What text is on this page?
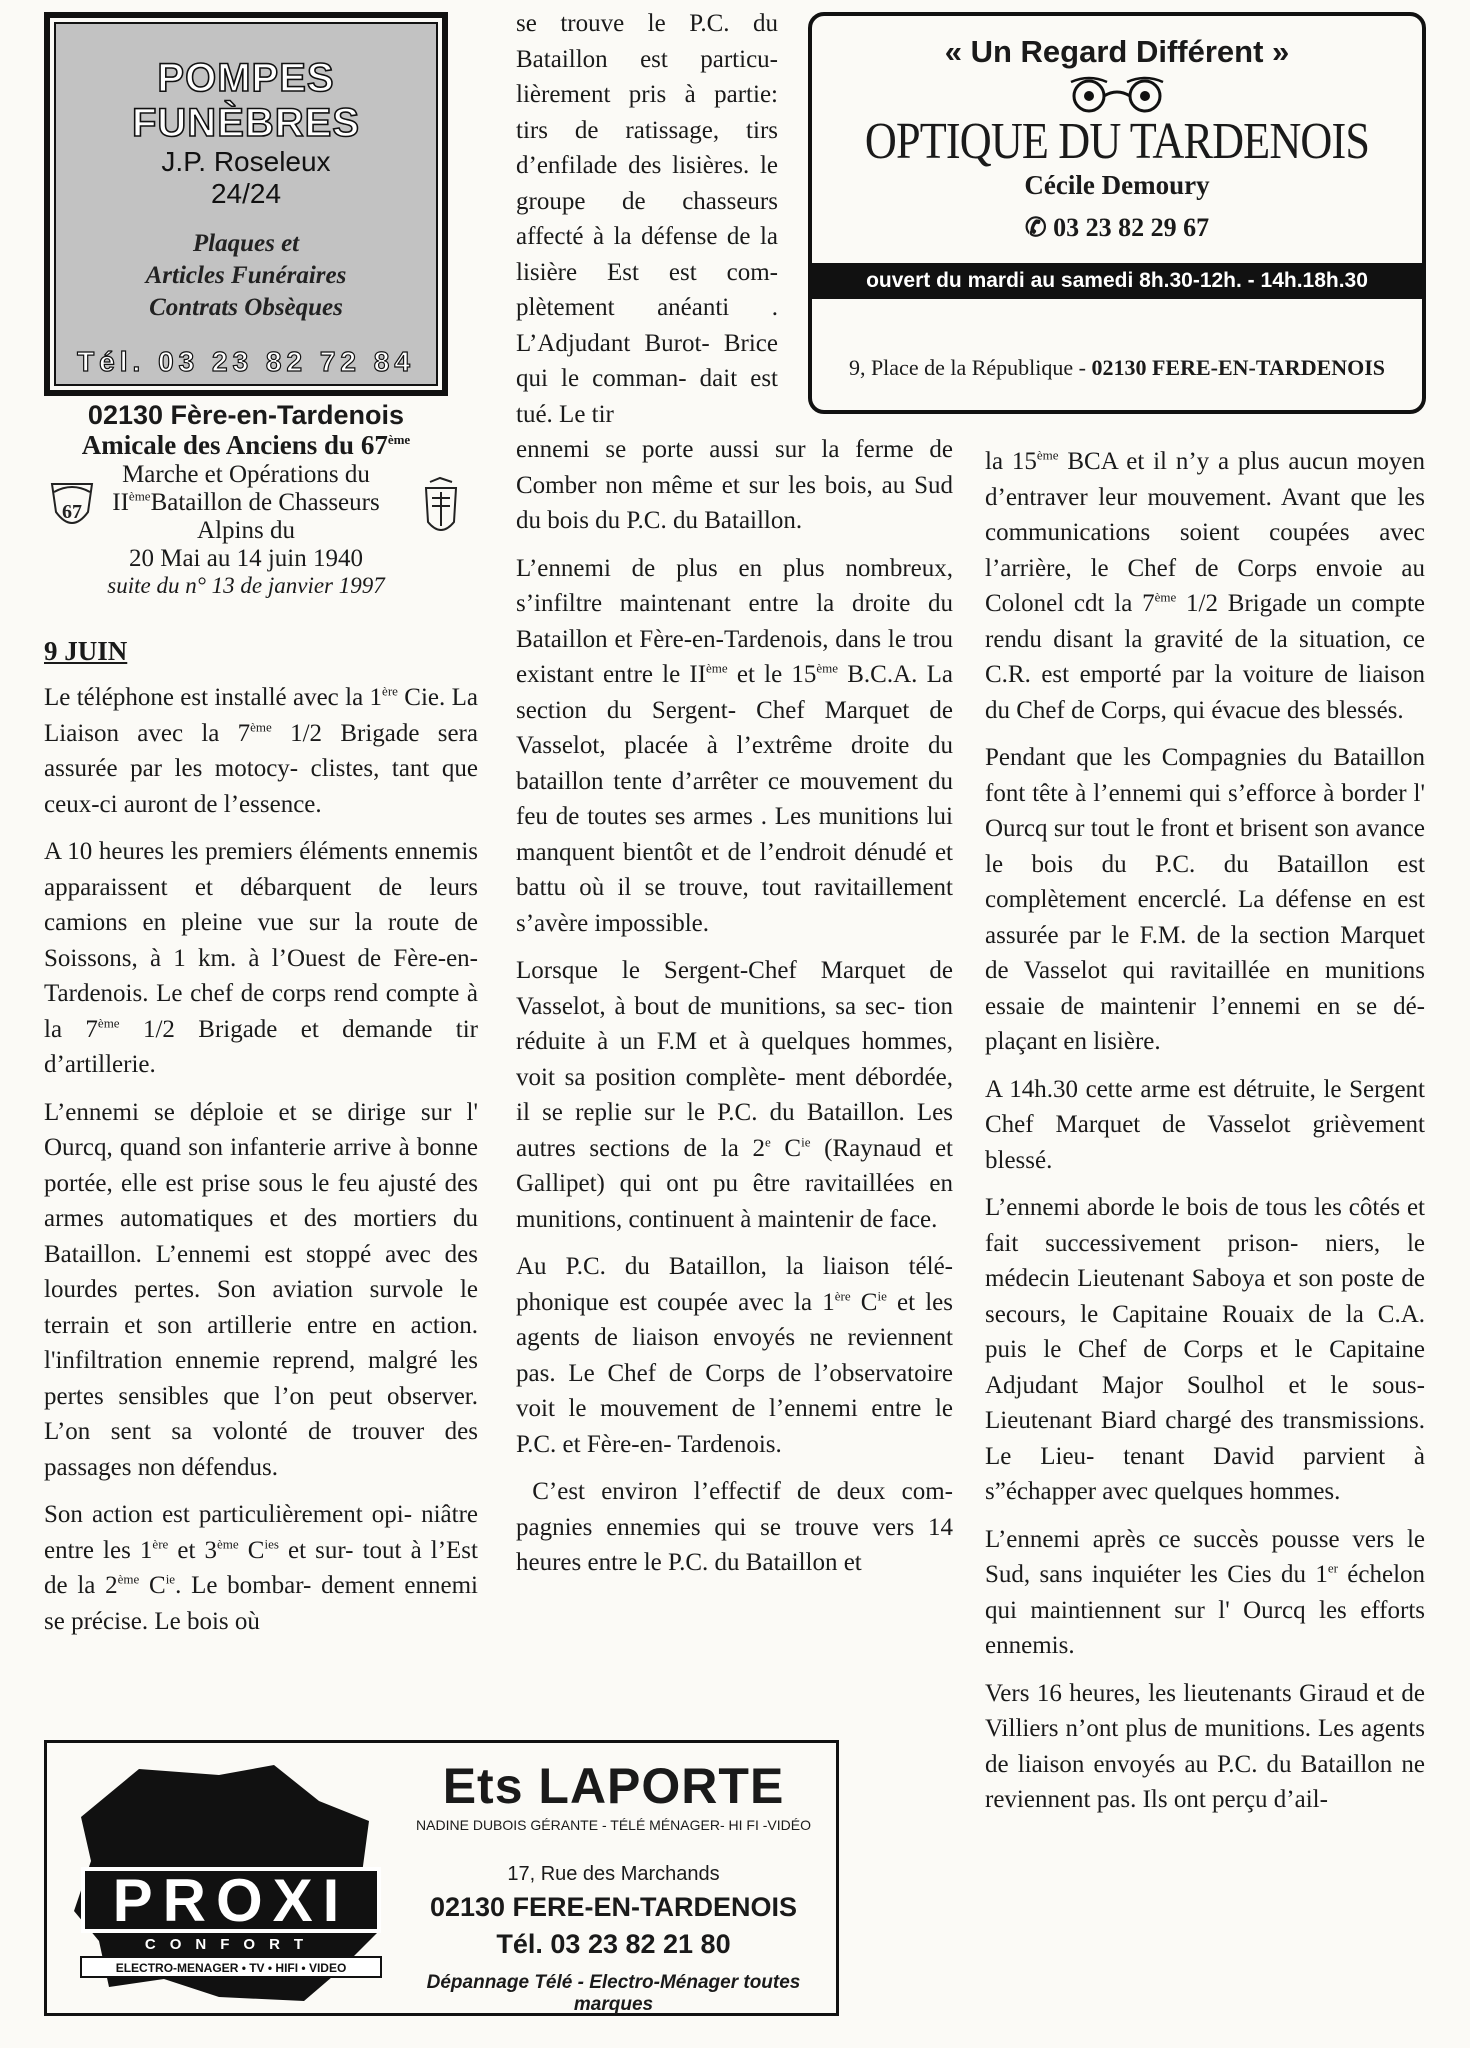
POMPES FUNÈBRES
J.P. Roseleux
24/24
Plaques et
Articles Funéraires
Contrats Obsèques
Tél. 03 23 82 72 84
02130 Fère-en-Tardenois
Amicale des Anciens du 67ème
Marche et Opérations du
IIèmeBataillon de Chasseurs
Alpins du
20 Mai au 14 juin 1940
suite du n° 13 de janvier 1997
67
9 JUIN

Le téléphone est installé avec la 1ère Cie. La Liaison avec la 7ème 1/2 Brigade sera assurée par les motocy- clistes, tant que ceux-ci auront de l’essence.

A 10 heures les premiers éléments ennemis apparaissent et débarquent de leurs camions en pleine vue sur la route de Soissons, à 1 km. à l’Ouest de Fère-en-Tardenois. Le chef de corps rend compte à la 7ème 1/2 Brigade et demande tir d’artillerie.

L’ennemi se déploie et se dirige sur l' Ourcq, quand son infanterie arrive à bonne portée, elle est prise sous le feu ajusté des armes automatiques et des mortiers du Bataillon. L’ennemi est stoppé avec des lourdes pertes. Son aviation survole le terrain et son artillerie entre en action. l'infiltration ennemie reprend, malgré les pertes sensibles que l’on peut observer. L’on sent sa volonté de trouver des passages non défendus.

Son action est particulièrement opi- niâtre entre les 1ère et 3ème $C^{ies}$ et sur- tout à l’Est de la 2ème $C^{ie}$. Le bombar- dement ennemi se précise. Le bois où

se trouve le P.C. du Bataillon est particu- lièrement pris à partie: tirs de ratissage, tirs d’enfilade des lisières. le groupe de chasseurs affecté à la défense de la lisière Est est com- plètement anéanti . L’Adjudant Burot- Brice qui le comman- dait est tué. Le tir

ennemi se porte aussi sur la ferme de Comber non même et sur les bois, au Sud du bois du P.C. du Bataillon.

L’ennemi de plus en plus nombreux, s’infiltre maintenant entre la droite du Bataillon et Fère-en-Tardenois, dans le trou existant entre le IIème et le 15ème B.C.A. La section du Sergent- Chef Marquet de Vasselot, placée à l’extrême droite du bataillon tente d’arrêter ce mouvement du feu de toutes ses armes . Les munitions lui manquent bientôt et de l’endroit dénudé et battu où il se trouve, tout ravitaillement s’avère impossible.

Lorsque le Sergent-Chef Marquet de Vasselot, à bout de munitions, sa sec- tion réduite à un F.M et à quelques hommes, voit sa position complète- ment débordée, il se replie sur le P.C. du Bataillon. Les autres sections de la 2e $C^{ie}$ (Raynaud et Gallipet) qui ont pu être ravitaillées en munitions, continuent à maintenir de face.

Au P.C. du Bataillon, la liaison télé- phonique est coupée avec la 1ère $C^{ie}$ et les agents de liaison envoyés ne reviennent pas. Le Chef de Corps de l’observatoire voit le mouvement de l’ennemi entre le P.C. et Fère-en- Tardenois.

C’est environ l’effectif de deux com- pagnies ennemies qui se trouve vers 14 heures entre le P.C. du Bataillon et

la 15ème BCA et il n’y a plus aucun moyen d’entraver leur mouvement. Avant que les communications soient coupées avec l’arrière, le Chef de Corps envoie au Colonel cdt la 7ème 1/2 Brigade un compte rendu disant la gravité de la situation, ce C.R. est emporté par la voiture de liaison du Chef de Corps, qui évacue des blessés.

Pendant que les Compagnies du Bataillon font tête à l’ennemi qui s’efforce à border l' Ourcq sur tout le front et brisent son avance le bois du P.C. du Bataillon est complètement encerclé. La défense en est assurée par le F.M. de la section Marquet de Vasselot qui ravitaillée en munitions essaie de maintenir l’ennemi en se dé-plaçant en lisière.

A 14h.30 cette arme est détruite, le Sergent Chef Marquet de Vasselot grièvement blessé.

L’ennemi aborde le bois de tous les côtés et fait successivement prison- niers, le médecin Lieutenant Saboya et son poste de secours, le Capitaine Rouaix de la C.A. puis le Chef de Corps et le Capitaine Adjudant Major Soulhol et le sous-Lieutenant Biard chargé des transmissions. Le Lieu- tenant David parvient à s”échapper avec quelques hommes.

L’ennemi après ce succès pousse vers le Sud, sans inquiéter les Cies du 1er échelon qui maintiennent sur l' Ourcq les efforts ennemis.

Vers 16 heures, les lieutenants Giraud et de Villiers n’ont plus de munitions. Les agents de liaison envoyés au P.C. du Bataillon ne reviennent pas. Ils ont perçu d’ail-

« Un Regard Différent »
OPTIQUE DU TARDENOIS
Cécile Demoury
✆ 03 23 82 29 67
ouvert du mardi au samedi 8h.30-12h. - 14h.18h.30
9, Place de la République - 02130 FERE-EN-TARDENOIS
PROXI
CONFORT
ELECTRO-MENAGER • TV • HIFI • VIDEO
Ets LAPORTE
NADINE DUBOIS GÉRANTE - TÉLÉ MÉNAGER- HI FI -VIDÉO
17, Rue des Marchands
02130 FERE-EN-TARDENOIS
Tél. 03 23 82 21 80
Dépannage Télé - Electro-Ménager toutes marques
